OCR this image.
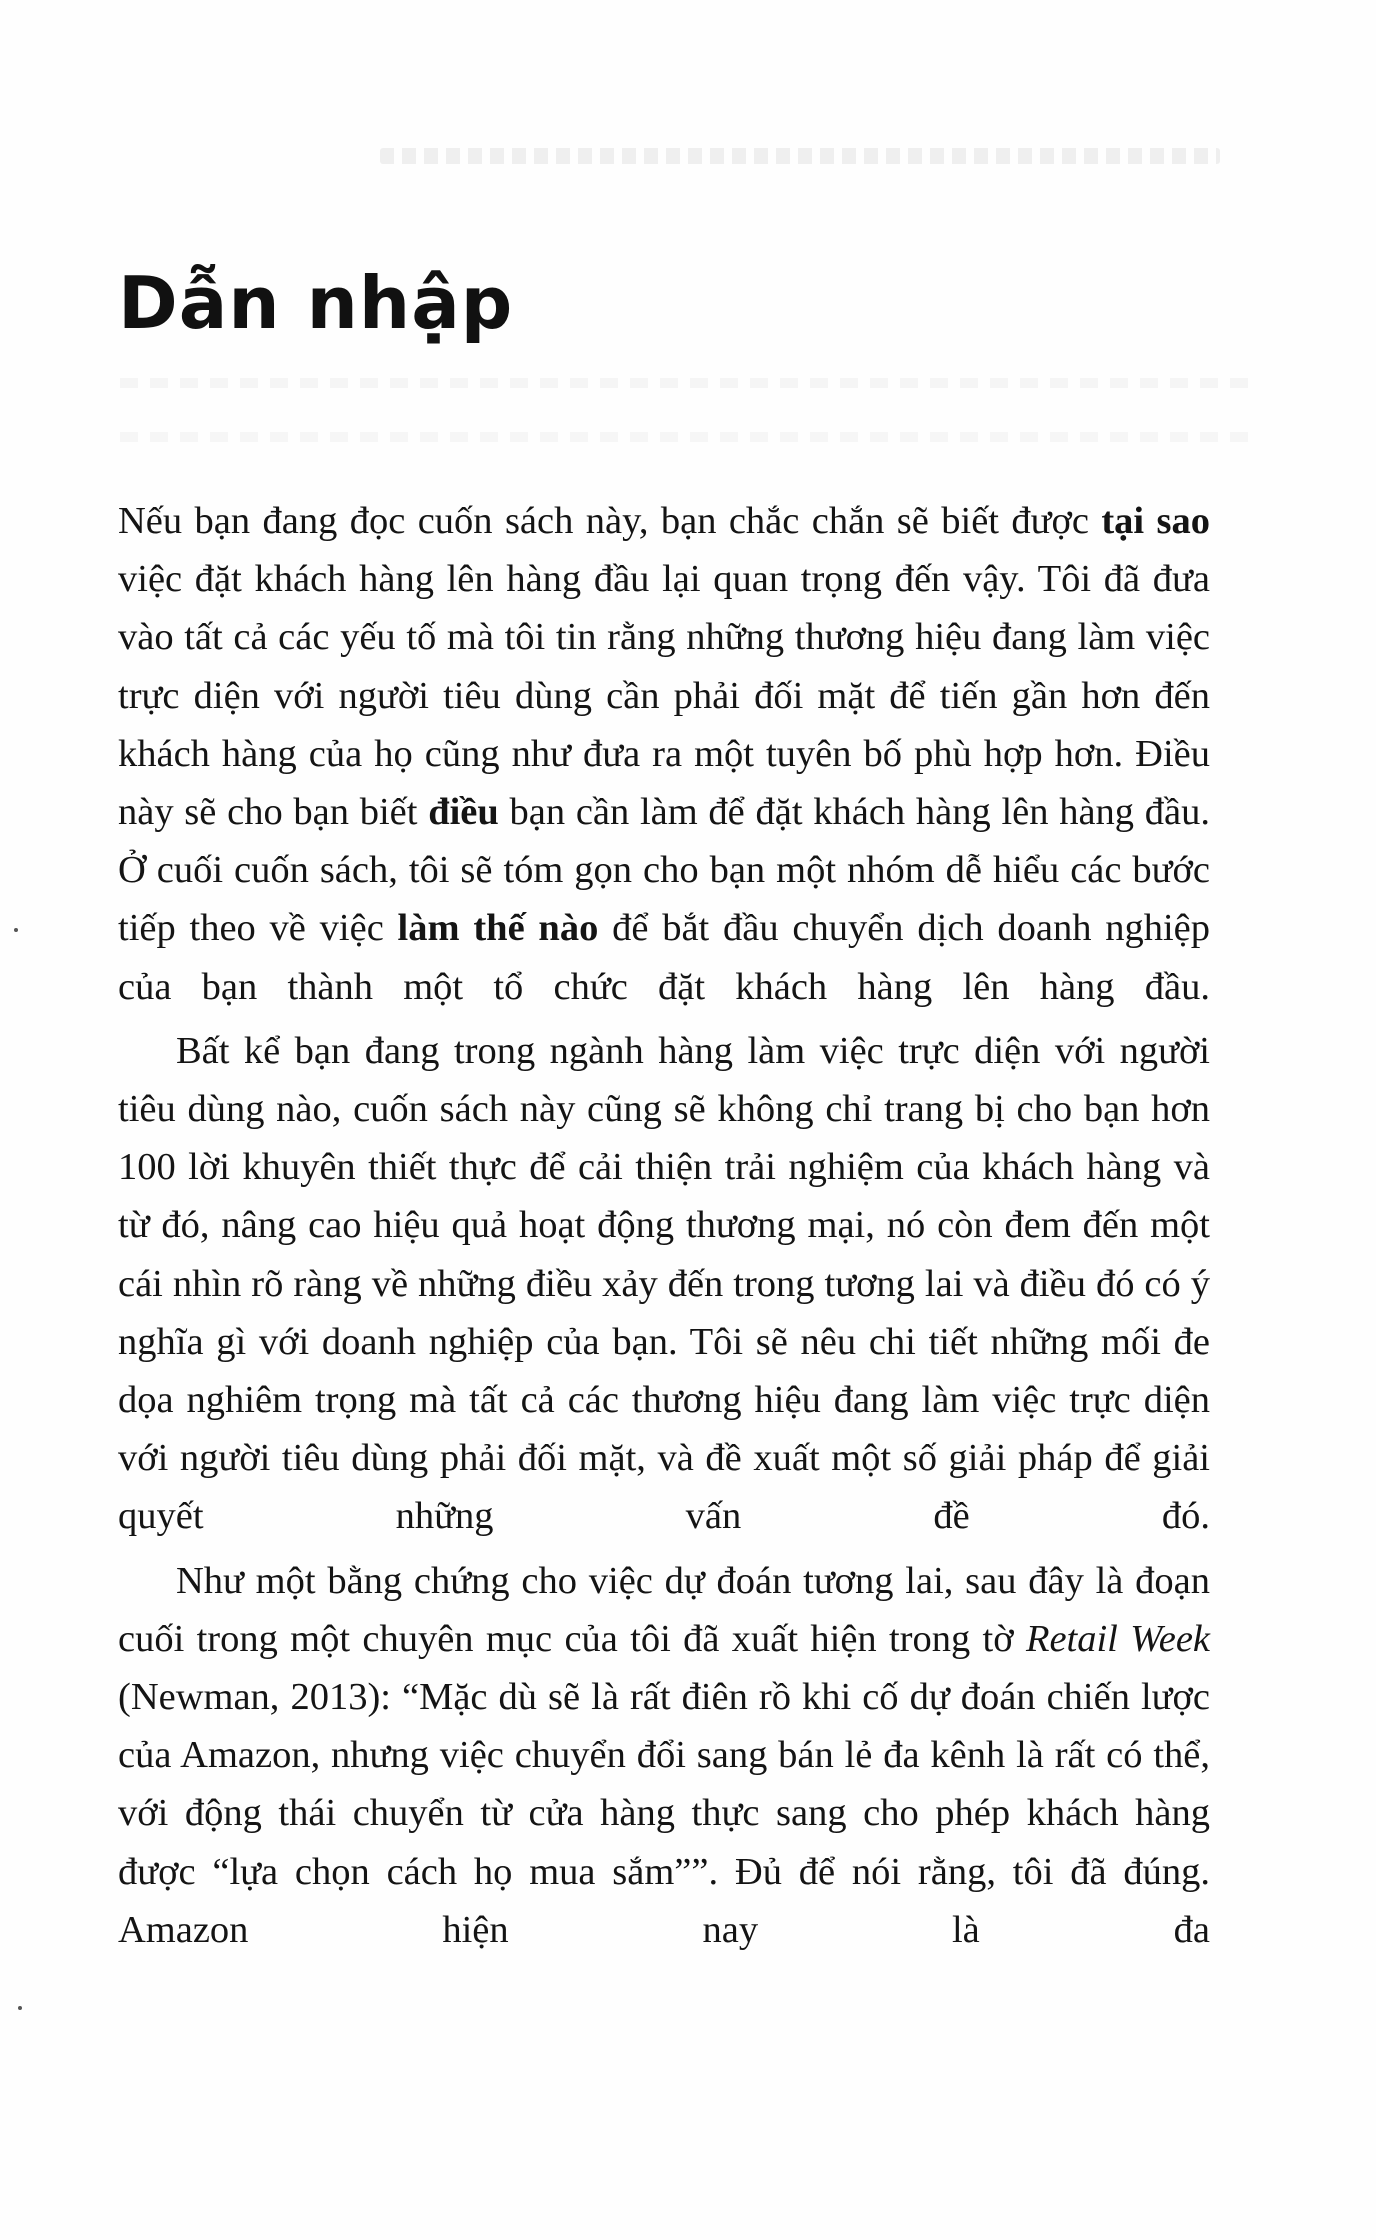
Dẫn nhập

Nếu bạn đang đọc cuốn sách này, bạn chắc chắn sẽ biết được tại sao việc đặt khách hàng lên hàng đầu lại quan trọng đến vậy. Tôi đã đưa vào tất cả các yếu tố mà tôi tin rằng những thương hiệu đang làm việc trực diện với người tiêu dùng cần phải đối mặt để tiến gần hơn đến khách hàng của họ cũng như đưa ra một tuyên bố phù hợp hơn. Điều này sẽ cho bạn biết điều bạn cần làm để đặt khách hàng lên hàng đầu. Ở cuối cuốn sách, tôi sẽ tóm gọn cho bạn một nhóm dễ hiểu các bước tiếp theo về việc làm thế nào để bắt đầu chuyển dịch doanh nghiệp của bạn thành một tổ chức đặt khách hàng lên hàng đầu.

Bất kể bạn đang trong ngành hàng làm việc trực diện với người tiêu dùng nào, cuốn sách này cũng sẽ không chỉ trang bị cho bạn hơn 100 lời khuyên thiết thực để cải thiện trải nghiệm của khách hàng và từ đó, nâng cao hiệu quả hoạt động thương mại, nó còn đem đến một cái nhìn rõ ràng về những điều xảy đến trong tương lai và điều đó có ý nghĩa gì với doanh nghiệp của bạn. Tôi sẽ nêu chi tiết những mối đe dọa nghiêm trọng mà tất cả các thương hiệu đang làm việc trực diện với người tiêu dùng phải đối mặt, và đề xuất một số giải pháp để giải quyết những vấn đề đó.

Như một bằng chứng cho việc dự đoán tương lai, sau đây là đoạn cuối trong một chuyên mục của tôi đã xuất hiện trong tờ Retail Week (Newman, 2013): “Mặc dù sẽ là rất điên rồ khi cố dự đoán chiến lược của Amazon, nhưng việc chuyển đổi sang bán lẻ đa kênh là rất có thể, với động thái chuyển từ cửa hàng thực sang cho phép khách hàng được “lựa chọn cách họ mua sắm””. Đủ để nói rằng, tôi đã đúng. Amazon hiện nay là đa
